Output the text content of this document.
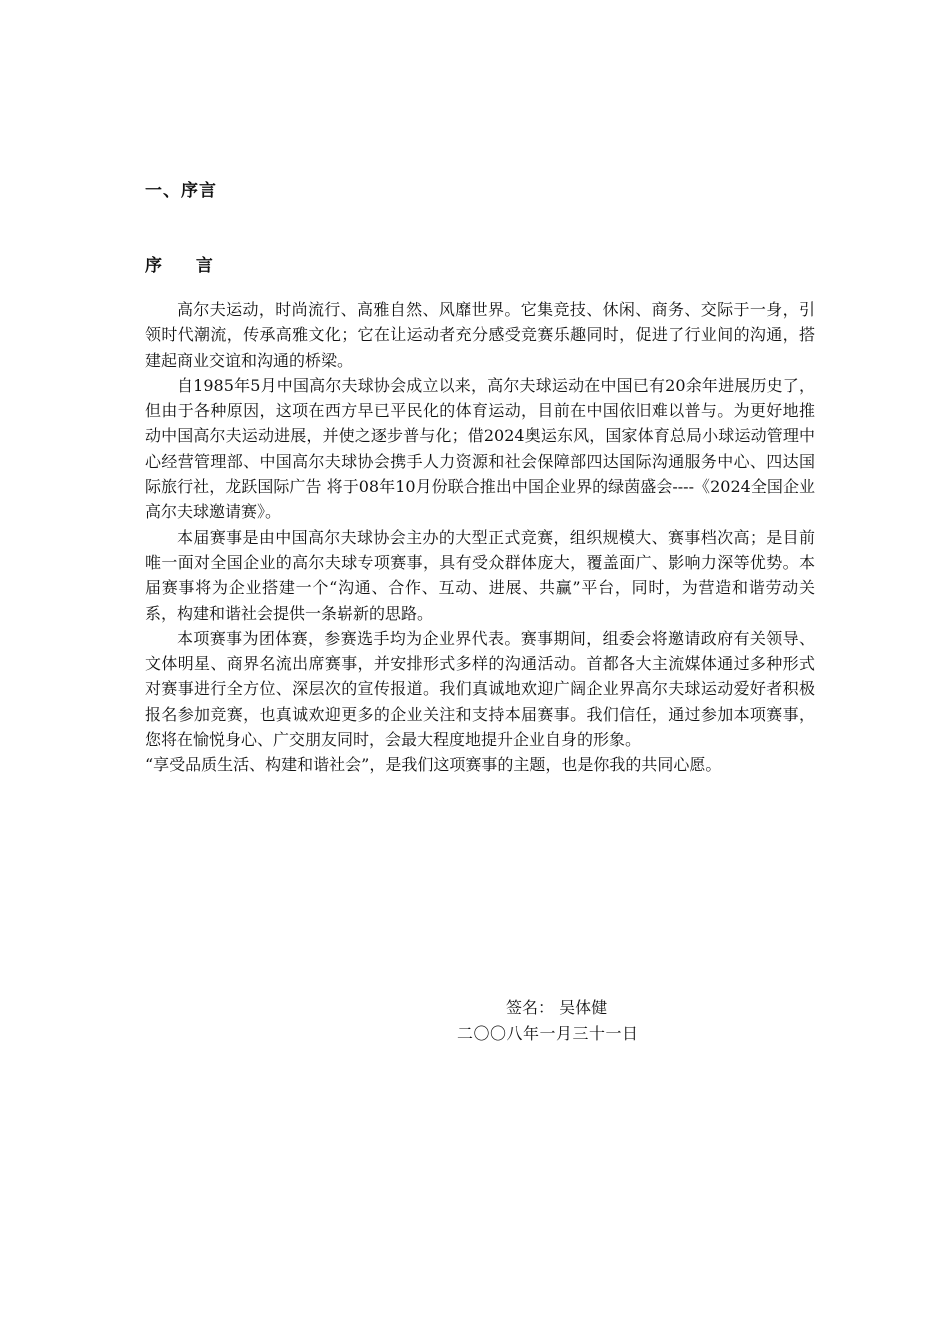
一、序言
序 言

高尔夫运动，时尚流行、高雅自然、风靡世界。它集竞技、休闲、商务、交际于一身，引领时代潮流，传承高雅文化；它在让运动者充分感受竞赛乐趣同时，促进了行业间的沟通，搭建起商业交谊和沟通的桥梁。

自1985年5月中国高尔夫球协会成立以来，高尔夫球运动在中国已有20余年进展历史了，但由于各种原因，这项在西方早已平民化的体育运动，目前在中国依旧难以普与。为更好地推动中国高尔夫运动进展，并使之逐步普与化；借2024奥运东风，国家体育总局小球运动管理中心经营管理部、中国高尔夫球协会携手人力资源和社会保障部四达国际沟通服务中心、四达国际旅行社，龙跃国际广告 将于08年10月份联合推出中国企业界的绿茵盛会----《2024全国企业高尔夫球邀请赛》。

本届赛事是由中国高尔夫球协会主办的大型正式竞赛，组织规模大、赛事档次高；是目前唯一面对全国企业的高尔夫球专项赛事，具有受众群体庞大，覆盖面广、影响力深等优势。本届赛事将为企业搭建一个“沟通、合作、互动、进展、共赢”平台，同时，为营造和谐劳动关系，构建和谐社会提供一条崭新的思路。

本项赛事为团体赛，参赛选手均为企业界代表。赛事期间，组委会将邀请政府有关领导、文体明星、商界名流出席赛事，并安排形式多样的沟通活动。首都各大主流媒体通过多种形式对赛事进行全方位、深层次的宣传报道。我们真诚地欢迎广阔企业界高尔夫球运动爱好者积极报名参加竞赛，也真诚欢迎更多的企业关注和支持本届赛事。我们信任，通过参加本项赛事，您将在愉悦身心、广交朋友同时，会最大程度地提升企业自身的形象。

“享受品质生活、构建和谐社会”，是我们这项赛事的主题，也是你我的共同心愿。

签名： 吴体健

二〇〇八年一月三十一日
